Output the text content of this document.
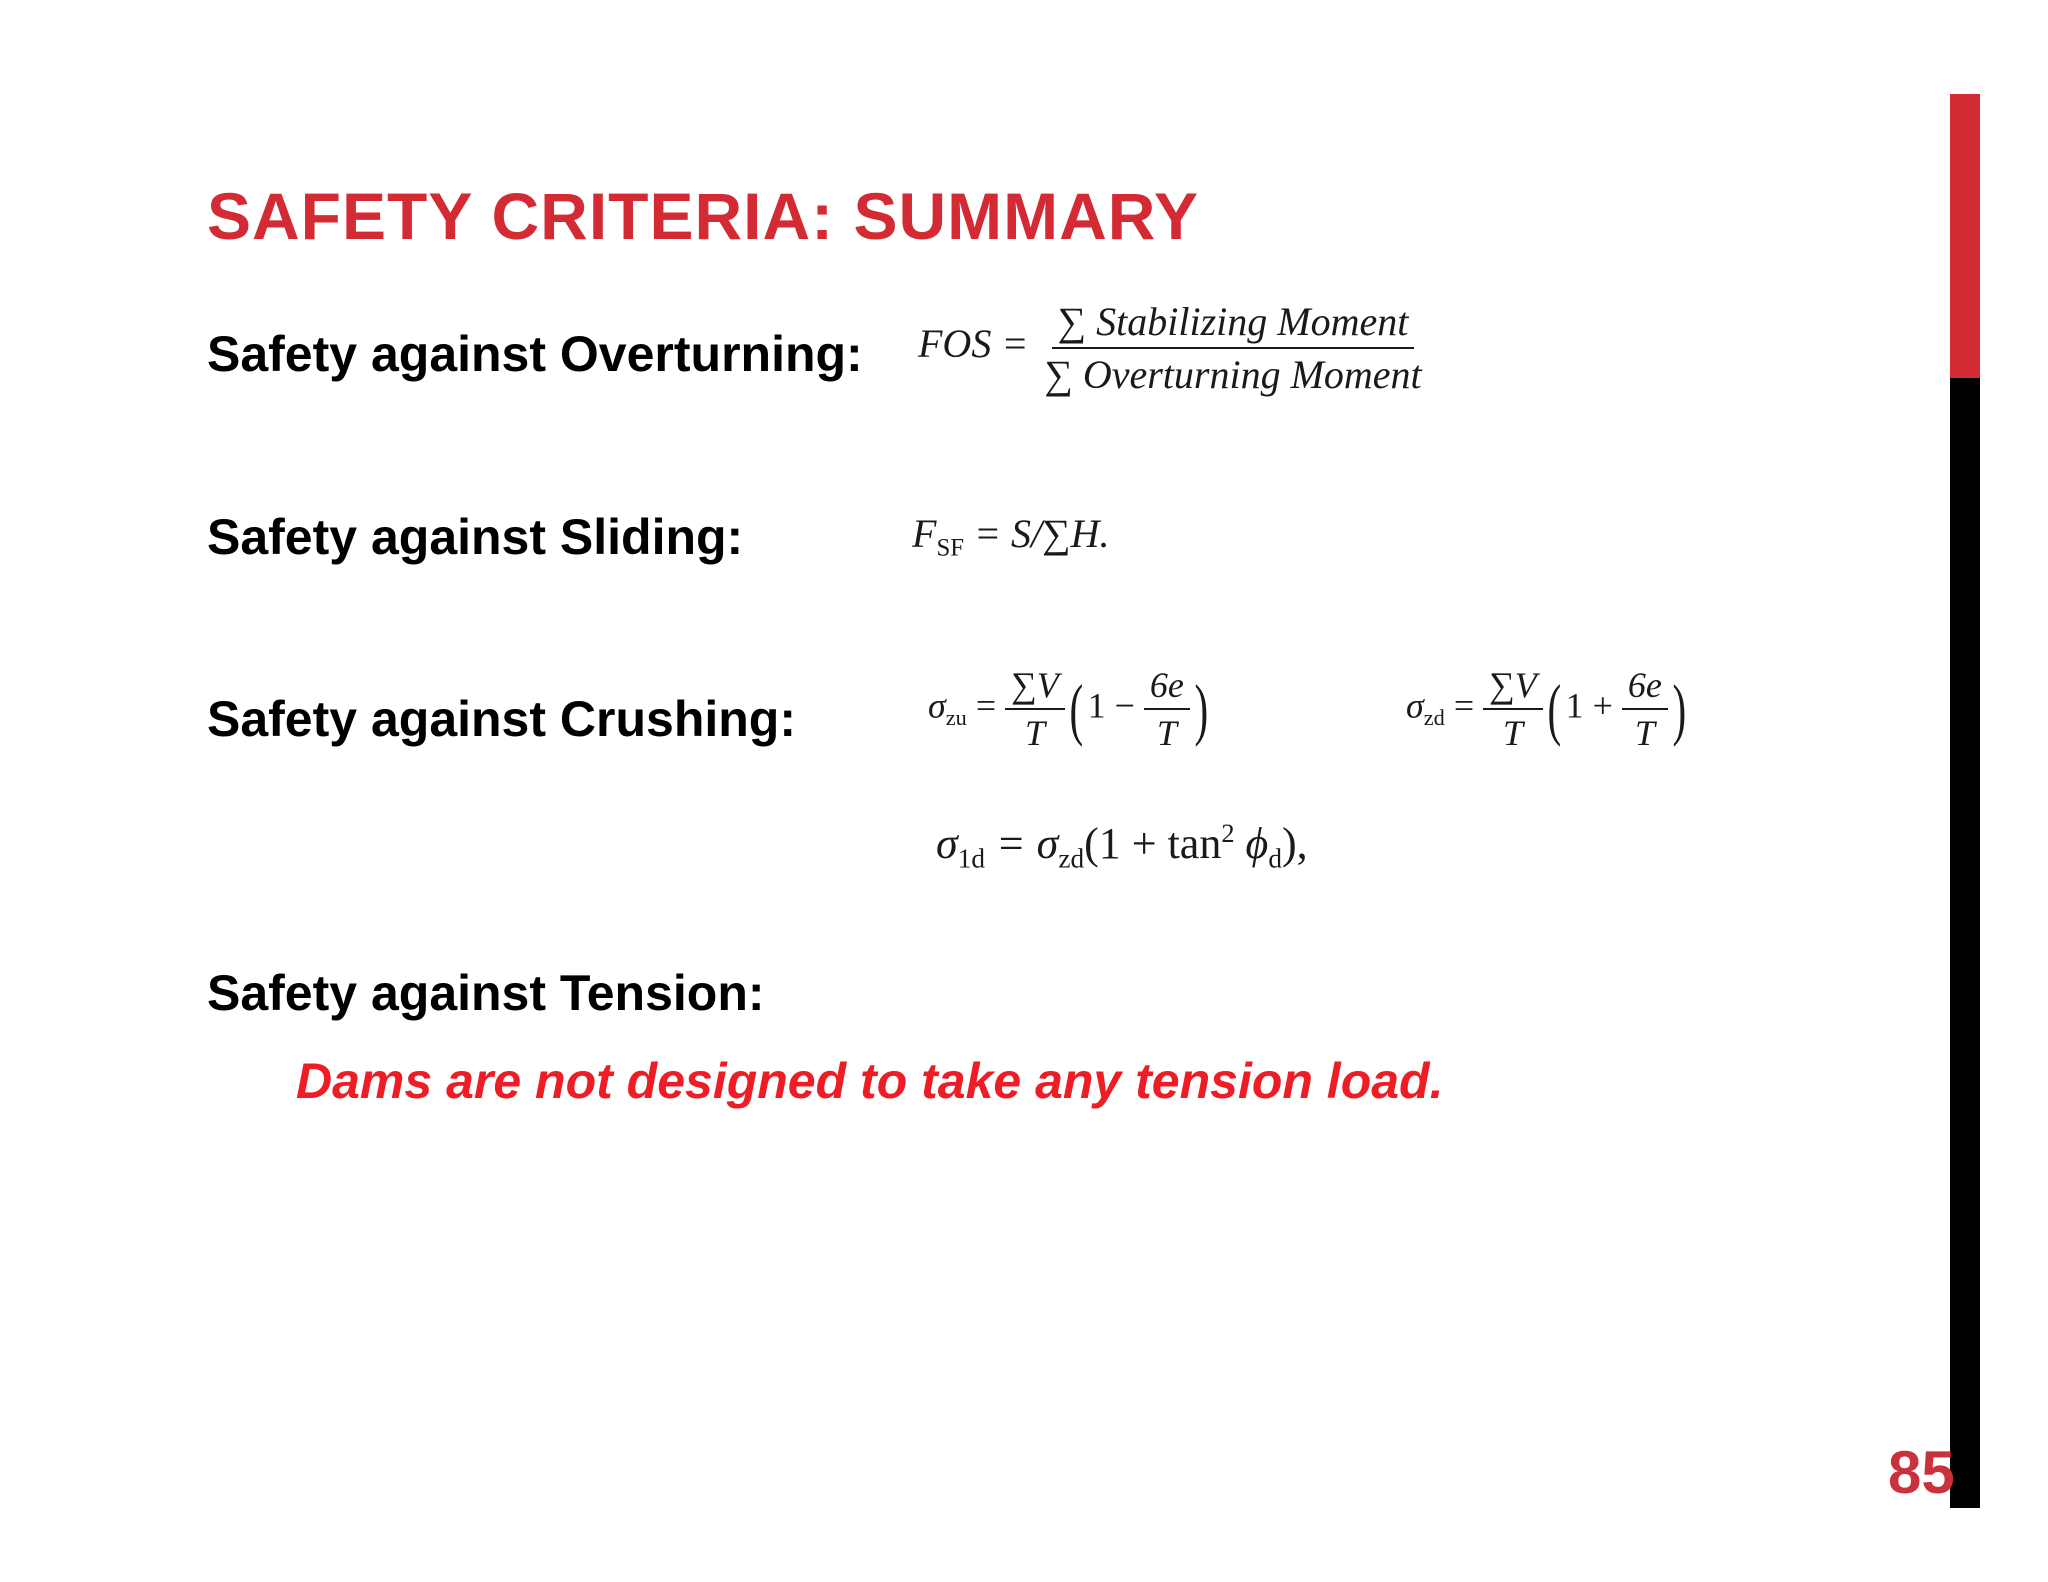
SAFETY CRITERIA: SUMMARY
Safety against Overturning: FOS = $\frac{\text{∑ Stabilizing Moment}}{\text{∑ Overturning Moment}}$
Safety against Sliding:	$F_{SF} = S/\sum H$.
Safety against Crushing:	$\sigma_{zu} = \frac{\sum V}{T}$ ( $1 - \frac{6e}{T}$ )	$\sigma_{zd} = \frac{\sum V}{T}$ ( $1 + \frac{6e}{T}$ )
$\sigma_{1d} = \sigma_{zd}(1 + \tan^2 \phi_d)$,
Safety against Tension:
Dams are not designed to take any tension load.
85
